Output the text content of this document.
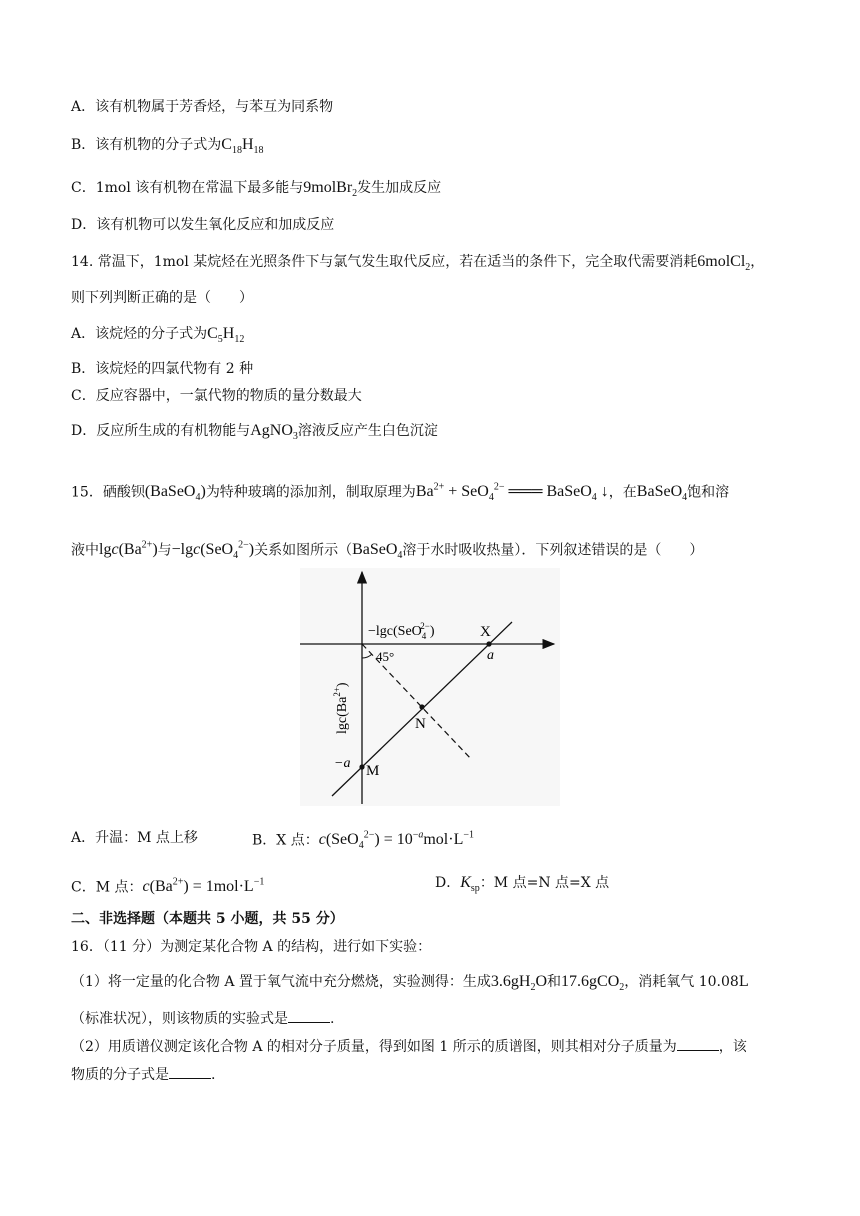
A．该有机物属于芳香烃，与苯互为同系物
B．该有机物的分子式为$C_{18}H_{18}$
C．1mol 该有机物在常温下最多能与9molBr$_2$发生加成反应
D．该有机物可以发生氧化反应和加成反应
14. 常温下，1mol 某烷烃在光照条件下与氯气发生取代反应，若在适当的条件下，完全取代需要消耗6molCl$_2$，
则下列判断正确的是（　　）
A．该烷烃的分子式为$C_5H_{12}$
B．该烷烃的四氯代物有 2 种
C．反应容器中，一氯代物的物质的量分数最大
D．反应所生成的有机物能与AgNO$_3$溶液反应产生白色沉淀
15．硒酸钡(BaSeO$_4$)为特种玻璃的添加剂，制取原理为$Ba^{2+} + SeO_4^{2-}$ ═══ BaSeO$_4$ ↓，在BaSeO$_4$饱和溶
液中$\lg c(Ba^{2+})$与−lgc(SeO$_4^{2-}$)关系如图所示（BaSeO$_4$溶于水时吸收热量）．下列叙述错误的是（　　）
−lgc(SeO$_4$2−)
45°
X
a
N
M
−a
$\lg c(Ba^{2+})$
A．升温：M 点上移	B．X 点：$c(SeO_4^{2-}) = 10^{-a}mol\cdot L^{-1}$
C．M 点：$c(Ba^{2+}) = 1mol\cdot L^{-1}$	D．$K_{sp}$：M 点=N 点=X 点
二、非选择题（本题共 5 小题，共 55 分）
16．（11 分）为测定某化合物 A 的结构，进行如下实验：
（1）将一定量的化合物 A 置于氧气流中充分燃烧，实验测得：生成$3.6gH_2O$和17.6gCO$_2$，消耗氧气 10.08L
（标准状况），则该物质的实验式是	.
（2）用质谱仪测定该化合物 A 的相对分子质量，得到如图 1 所示的质谱图，则其相对分子质量为	，该
物质的分子式是	.
